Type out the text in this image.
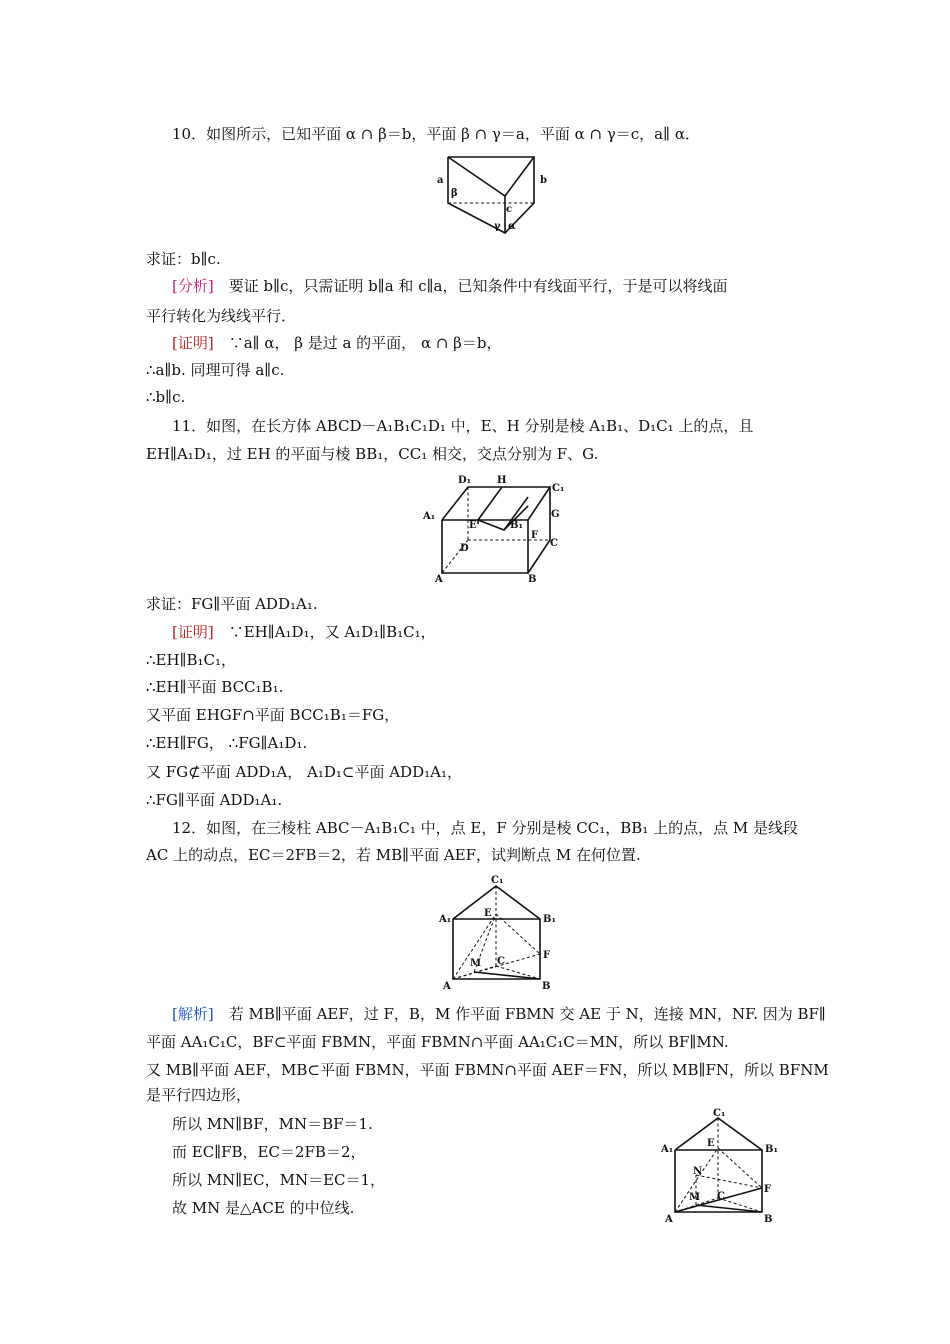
10．如图所示，已知平面 α ∩ β＝b，平面 β ∩ γ＝a，平面 α ∩ γ＝c，a∥ α．
a	b
c
β
γ α
求证：b∥c.
[分析]　要证 b∥c，只需证明 b∥a 和 c∥a，已知条件中有线面平行，于是可以将线面
平行转化为线线平行．
[证明]　∵a∥ α， β 是过 a 的平面， α ∩ β＝b，
∴a∥b. 同理可得 a∥c.
∴b∥c.
11．如图，在长方体 ABCD－A₁B₁C₁D₁ 中，E、H 分别是棱 A₁B₁、D₁C₁ 上的点，且
EH∥A₁D₁，过 EH 的平面与棱 BB₁，CC₁ 相交，交点分别为 F、G.
D₁	H
C₁
A₁
E	B₁
G
D
F
C
A	B
求证：FG∥平面 ADD₁A₁.
[证明]　∵EH∥A₁D₁，又 A₁D₁∥B₁C₁，
∴EH∥B₁C₁，
∴EH∥平面 BCC₁B₁.
又平面 EHGF∩平面 BCC₁B₁＝FG，
∴EH∥FG， ∴FG∥A₁D₁.
又 FG⊄平面 ADD₁A， A₁D₁⊂平面 ADD₁A₁，
∴FG∥平面 ADD₁A₁.
12．如图，在三棱柱 ABC－A₁B₁C₁ 中，点 E，F 分别是棱 CC₁，BB₁ 上的点，点 M 是线段
AC 上的动点，EC＝2FB＝2，若 MB∥平面 AEF，试判断点 M 在何位置.
C₁
A₁
E
B₁
M C
F
A	B
[解析]　若 MB∥平面 AEF，过 F，B，M 作平面 FBMN 交 AE 于 N，连接 MN，NF. 因为 BF∥
平面 AA₁C₁C，BF⊂平面 FBMN，平面 FBMN∩平面 AA₁C₁C＝MN，所以 BF∥MN.
又 MB∥平面 AEF，MB⊂平面 FBMN，平面 FBMN∩平面 AEF＝FN，所以 MB∥FN，所以 BFNM
是平行四边形，
所以 MN∥BF，MN＝BF＝1.
而 EC∥FB，EC＝2FB＝2，
所以 MN∥EC，MN＝EC＝1，
故 MN 是△ACE 的中位线.
C₁
A₁
E
B₁
N
M C
F
A	B
